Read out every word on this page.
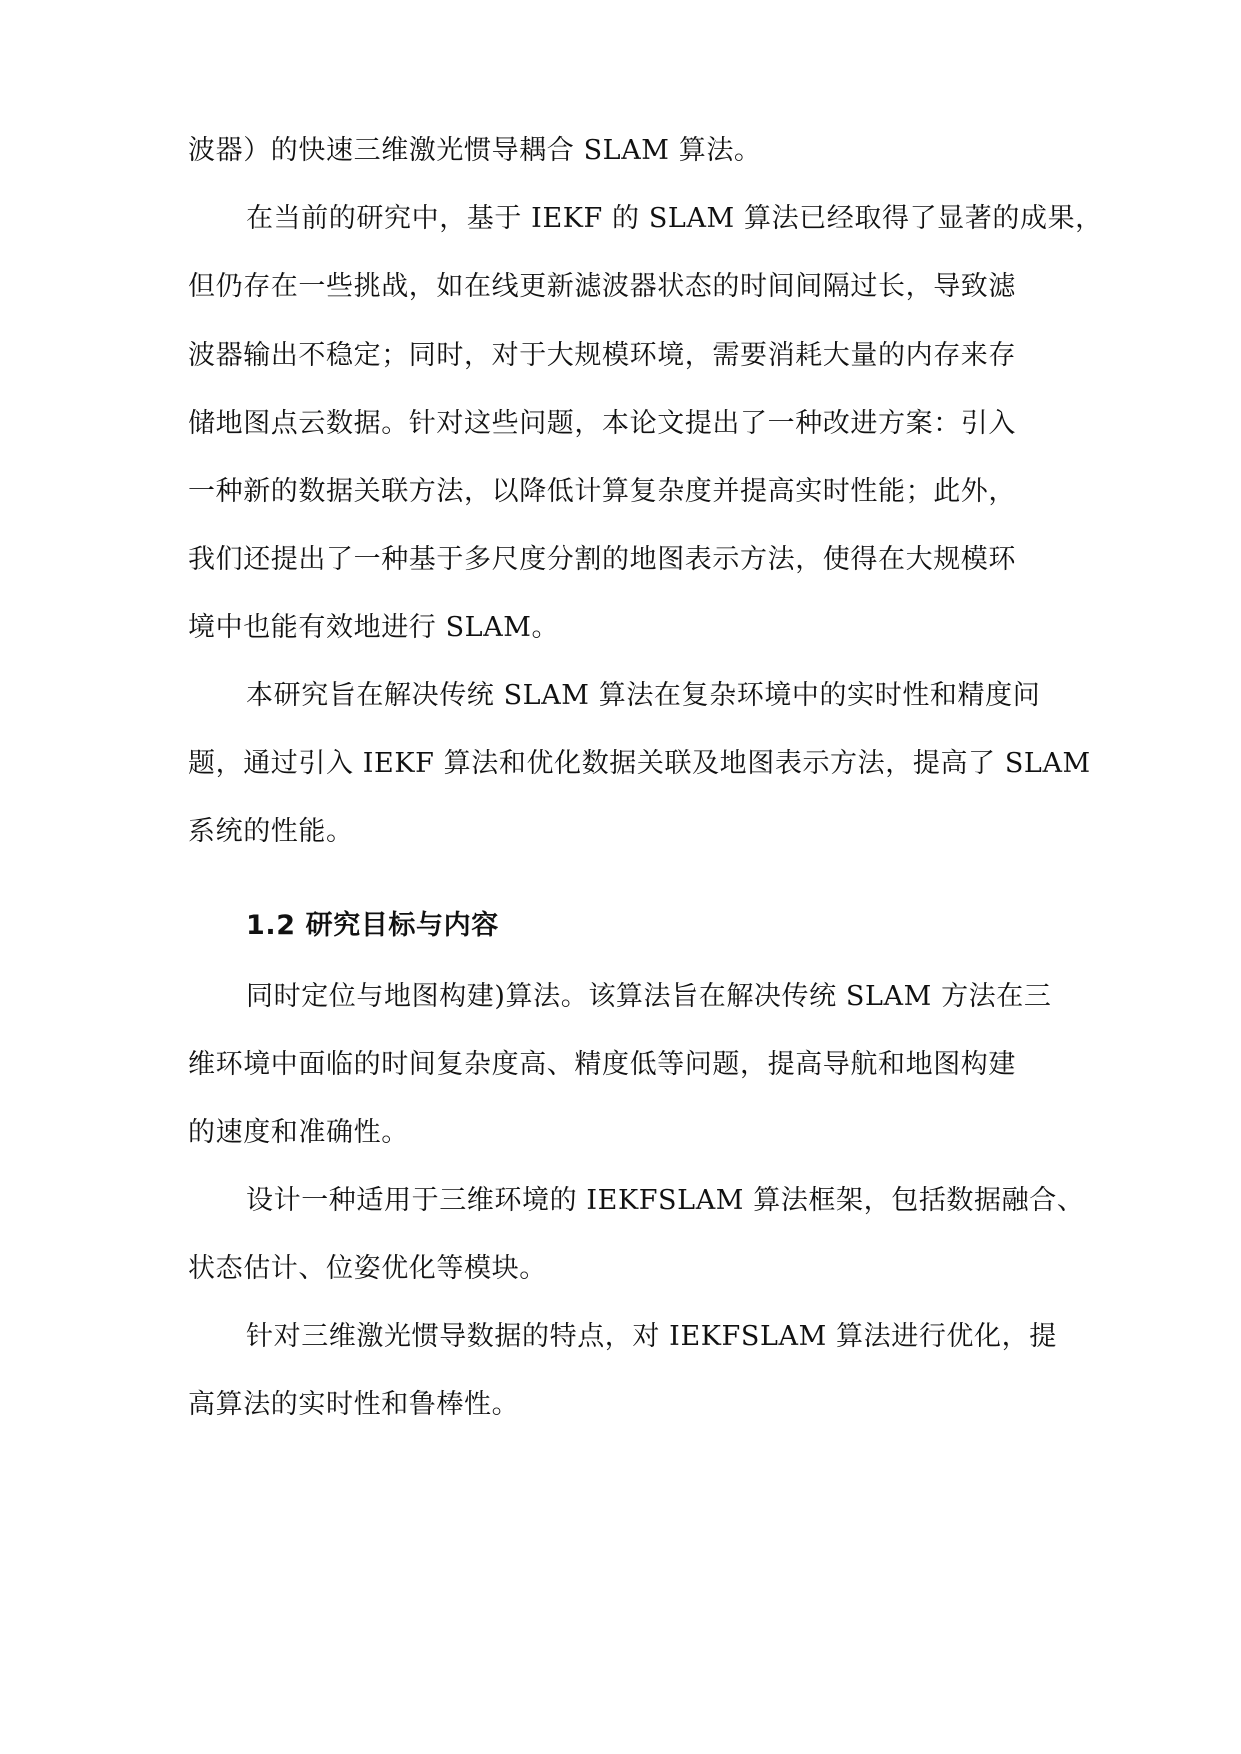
波器）的快速三维激光惯导耦合 SLAM 算法。
在当前的研究中，基于 IEKF 的 SLAM 算法已经取得了显著的成果，
但仍存在一些挑战，如在线更新滤波器状态的时间间隔过长，导致滤
波器输出不稳定；同时，对于大规模环境，需要消耗大量的内存来存
储地图点云数据。针对这些问题，本论文提出了一种改进方案：引入
一种新的数据关联方法，以降低计算复杂度并提高实时性能；此外，
我们还提出了一种基于多尺度分割的地图表示方法，使得在大规模环
境中也能有效地进行 SLAM。
本研究旨在解决传统 SLAM 算法在复杂环境中的实时性和精度问
题，通过引入 IEKF 算法和优化数据关联及地图表示方法，提高了 SLAM
系统的性能。
1.2 研究目标与内容
同时定位与地图构建)算法。该算法旨在解决传统 SLAM 方法在三
维环境中面临的时间复杂度高、精度低等问题，提高导航和地图构建
的速度和准确性。
设计一种适用于三维环境的 IEKFSLAM 算法框架，包括数据融合、
状态估计、位姿优化等模块。
针对三维激光惯导数据的特点，对 IEKFSLAM 算法进行优化，提
高算法的实时性和鲁棒性。
